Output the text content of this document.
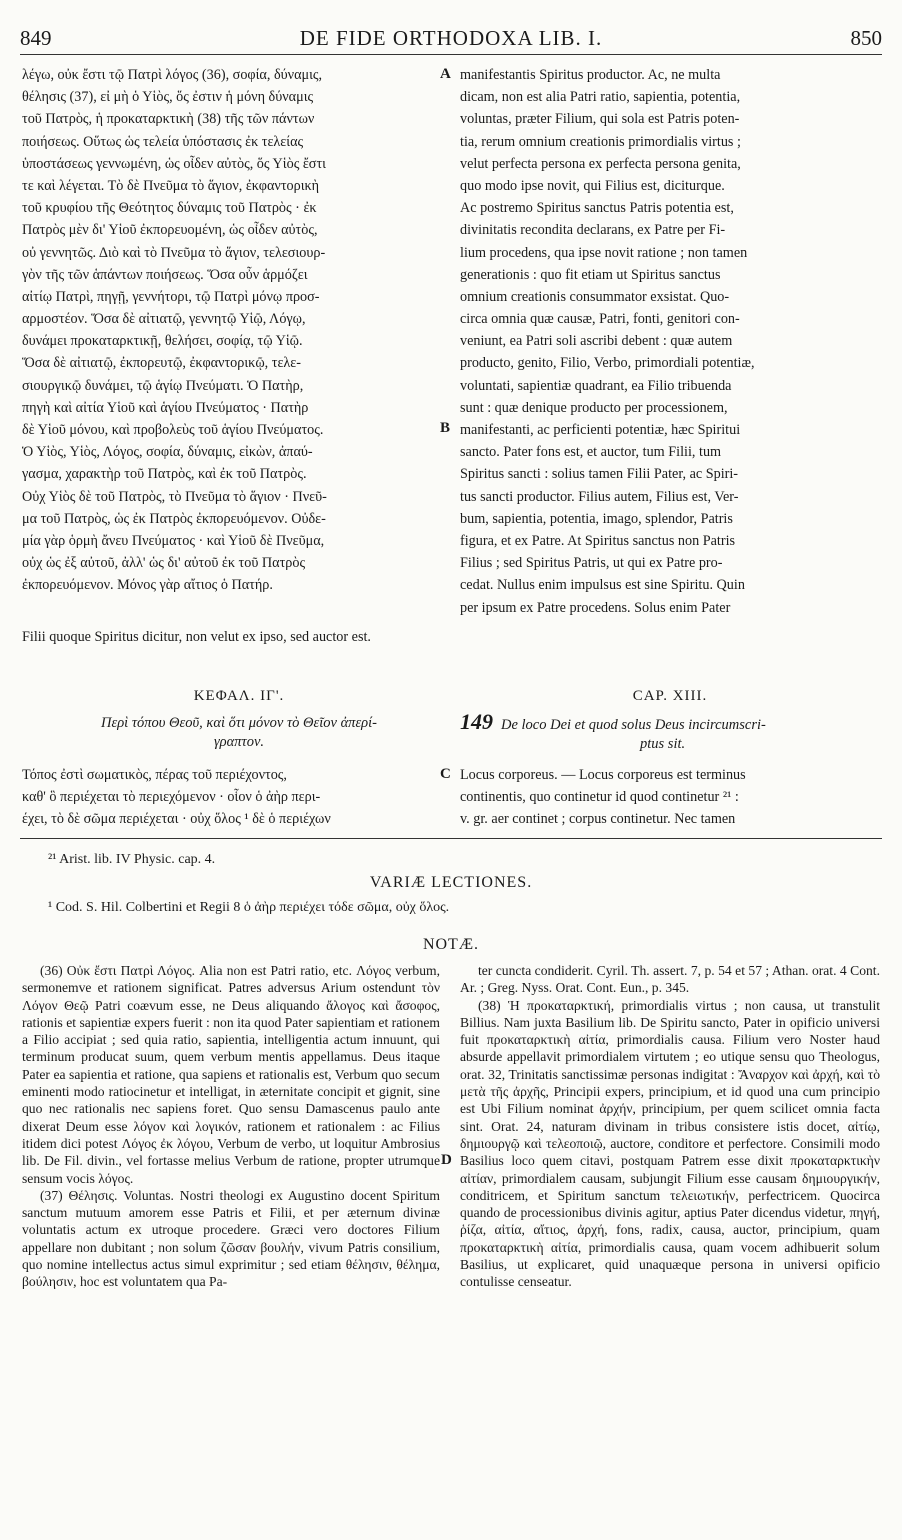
849	DE FIDE ORTHODOXA LIB. I.	850
λέγω, οὐκ ἔστι τῷ Πατρὶ λόγος (36), σοφία, δύναμις,
θέλησις (37), εἰ μὴ ὁ Υἱὸς, ὅς ἐστιν ἡ μόνη δύναμις
τοῦ Πατρὸς, ἡ προκαταρκτικὴ (38) τῆς τῶν πάντων
ποιήσεως. Οὕτως ὡς τελεία ὑπόστασις ἐκ τελείας
ὑποστάσεως γεννωμένη, ὡς οἶδεν αὐτὸς, ὅς Υἱὸς ἔστι
τε καὶ λέγεται. Τὸ δὲ Πνεῦμα τὸ ἅγιον, ἐκφαντορικὴ
τοῦ κρυφίου τῆς Θεότητος δύναμις τοῦ Πατρὸς · ἐκ
Πατρὸς μὲν δι' Υἱοῦ ἐκπορευομένη, ὡς οἶδεν αὐτὸς,
οὐ γεννητῶς. Διὸ καὶ τὸ Πνεῦμα τὸ ἅγιον, τελεσιουρ-
γὸν τῆς τῶν ἁπάντων ποιήσεως. Ὅσα οὖν ἁρμόζει
αἰτίῳ Πατρὶ, πηγῇ, γεννήτορι, τῷ Πατρὶ μόνῳ προσ-
αρμοστέον. Ὅσα δὲ αἰτιατῷ, γεννητῷ Υἱῷ, Λόγῳ,
δυνάμει προκαταρκτικῇ, θελήσει, σοφίᾳ, τῷ Υἱῷ.
Ὅσα δὲ αἰτιατῷ, ἐκπορευτῷ, ἐκφαντορικῷ, τελε-
σιουργικῷ δυνάμει, τῷ ἁγίῳ Πνεύματι. Ὁ Πατὴρ,
πηγὴ καὶ αἰτία Υἱοῦ καὶ ἁγίου Πνεύματος · Πατὴρ
δὲ Υἱοῦ μόνου, καὶ προβολεὺς τοῦ ἁγίου Πνεύματος.
Ὁ Υἱὸς, Υἱὸς, Λόγος, σοφία, δύναμις, εἰκὼν, ἀπαύ-
γασμα, χαρακτὴρ τοῦ Πατρὸς, καὶ ἐκ τοῦ Πατρὸς.
Οὐχ Υἱὸς δὲ τοῦ Πατρὸς, τὸ Πνεῦμα τὸ ἅγιον · Πνεῦ-
μα τοῦ Πατρὸς, ὡς ἐκ Πατρὸς ἐκπορευόμενον. Οὐδε-
μία γὰρ ὁρμὴ ἄνευ Πνεύματος · καὶ Υἱοῦ δὲ Πνεῦμα,
οὐχ ὡς ἐξ αὐτοῦ, ἀλλ' ὡς δι' αὐτοῦ ἐκ τοῦ Πατρὸς
ἐκπορευόμενον. Μόνος γὰρ αἴτιος ὁ Πατήρ.
manifestantis Spiritus productor. Ac, ne multa
dicam, non est alia Patri ratio, sapientia, potentia,
voluntas, præter Filium, qui sola est Patris poten-
tia, rerum omnium creationis primordialis virtus ;
velut perfecta persona ex perfecta persona genita,
quo modo ipse novit, qui Filius est, diciturque.
Ac postremo Spiritus sanctus Patris potentia est,
divinitatis recondita declarans, ex Patre per Fi-
lium procedens, qua ipse novit ratione ; non tamen
generationis : quo fit etiam ut Spiritus sanctus
omnium creationis consummator exsistat. Quo-
circa omnia quæ causæ, Patri, fonti, genitori con-
veniunt, ea Patri soli ascribi debent : quæ autem
producto, genito, Filio, Verbo, primordiali potentiæ,
voluntati, sapientiæ quadrant, ea Filio tribuenda
sunt : quæ denique producto per processionem,
manifestanti, ac perficienti potentiæ, hæc Spiritui
sancto. Pater fons est, et auctor, tum Filii, tum
Spiritus sancti : solius tamen Filii Pater, ac Spiri-
tus sancti productor. Filius autem, Filius est, Ver-
bum, sapientia, potentia, imago, splendor, Patris
figura, et ex Patre. At Spiritus sanctus non Patris
Filius ; sed Spiritus Patris, ut qui ex Patre pro-
cedat. Nullus enim impulsus est sine Spiritu. Quin
per ipsum ex Patre procedens. Solus enim Pater
A
B
Filii quoque Spiritus dicitur, non velut ex ipso, sed auctor est.
ΚΕΦΑΛ. ΙΓ'.
Περὶ τόπου Θεοῦ, καὶ ὅτι μόνον τὸ Θεῖον ἀπερί-
γραπτον.
CAP. XIII.
149 De loco Dei et quod solus Deus incircumscri-
ptus sit.
Τόπος ἐστὶ σωματικὸς, πέρας τοῦ περιέχοντος,
καθ' ὃ περιέχεται τὸ περιεχόμενον · οἷον ὁ ἀὴρ περι-
έχει, τὸ δὲ σῶμα περιέχεται · οὐχ ὅλος ¹ δὲ ὁ περιέχων
Locus corporeus. — Locus corporeus est terminus
continentis, quo continetur id quod continetur ²¹ :
v. gr. aer continet ; corpus continetur. Nec tamen
C
²¹ Arist. lib. IV Physic. cap. 4.
VARIÆ LECTIONES.
¹ Cod. S. Hil. Colbertini et Regii 8 ὁ ἀὴρ περιέχει τόδε σῶμα, οὐχ ὅλος.
NOTÆ.

(36) Οὐκ ἔστι Πατρὶ Λόγος. Alia non est Patri ratio, etc. Λόγος verbum, sermonemve et rationem significat. Patres adversus Arium ostendunt τὸν Λόγον Θεῷ Patri coævum esse, ne Deus aliquando ἄλογος καὶ ἄσοφος, rationis et sapientiæ expers fuerit : non ita quod Pater sapientiam et rationem a Filio accipiat ; sed quia ratio, sapientia, intelligentia actum innuunt, qui terminum producat suum, quem verbum mentis appellamus. Deus itaque Pater ea sapientia et ratione, qua sapiens et rationalis est, Verbum quo secum eminenti modo ratiocinetur et intelligat, in æternitate concipit et gignit, sine quo nec rationalis nec sapiens foret. Quo sensu Damascenus paulo ante dixerat Deum esse λόγον καὶ λογικόν, rationem et rationalem : ac Filius itidem dici potest Λόγος ἐκ λόγου, Verbum de verbo, ut loquitur Ambrosius lib. De Fil. divin., vel fortasse melius Verbum de ratione, propter utrumque sensum vocis λόγος.

(37) Θέλησις. Voluntas. Nostri theologi ex Augustino docent Spiritum sanctum mutuum amorem esse Patris et Filii, et per æternum divinæ voluntatis actum ex utroque procedere. Græci vero doctores Filium appellare non dubitant ; non solum ζῶσαν βουλήν, vivum Patris consilium, quo nomine intellectus actus simul exprimitur ; sed etiam θέλησιν, θέλημα, βούλησιν, hoc est voluntatem qua Pa-

ter cuncta condiderit. Cyril. Th. assert. 7, p. 54 et 57 ; Athan. orat. 4 Cont. Ar. ; Greg. Nyss. Orat. Cont. Eun., p. 345.

(38) Ἡ προκαταρκτική, primordialis virtus ; non causa, ut transtulit Billius. Nam juxta Basilium lib. De Spiritu sancto, Pater in opificio universi fuit προκαταρκτικὴ αἰτία, primordialis causa. Filium vero Noster haud absurde appellavit primordialem virtutem ; eo utique sensu quo Theologus, orat. 32, Trinitatis sanctissimæ personas indigitat : Ἄναρχον καὶ ἀρχή, καὶ τὸ μετὰ τῆς ἀρχῆς, Principii expers, principium, et id quod una cum principio est Ubi Filium nominat ἀρχήν, principium, per quem scilicet omnia facta sint. Orat. 24, naturam divinam in tribus consistere istis docet, αἰτίῳ, δημιουργῷ καὶ τελεοποιῷ, auctore, conditore et perfectore. Consimili modo Basilius loco quem citavi, postquam Patrem esse dixit προκαταρκτικὴν αἰτίαν, primordialem causam, subjungit Filium esse causam δημιουργικήν, conditricem, et Spiritum sanctum τελειωτικήν, perfectricem. Quocirca quando de processionibus divinis agitur, aptius Pater dicendus videtur, πηγή, ῥίζα, αἰτία, αἴτιος, ἀρχή, fons, radix, causa, auctor, principium, quam προκαταρκτικὴ αἰτία, primordialis causa, quam vocem adhibuerit solum Basilius, ut explicaret, quid unaquæque persona in universi opificio contulisse censeatur.

D
